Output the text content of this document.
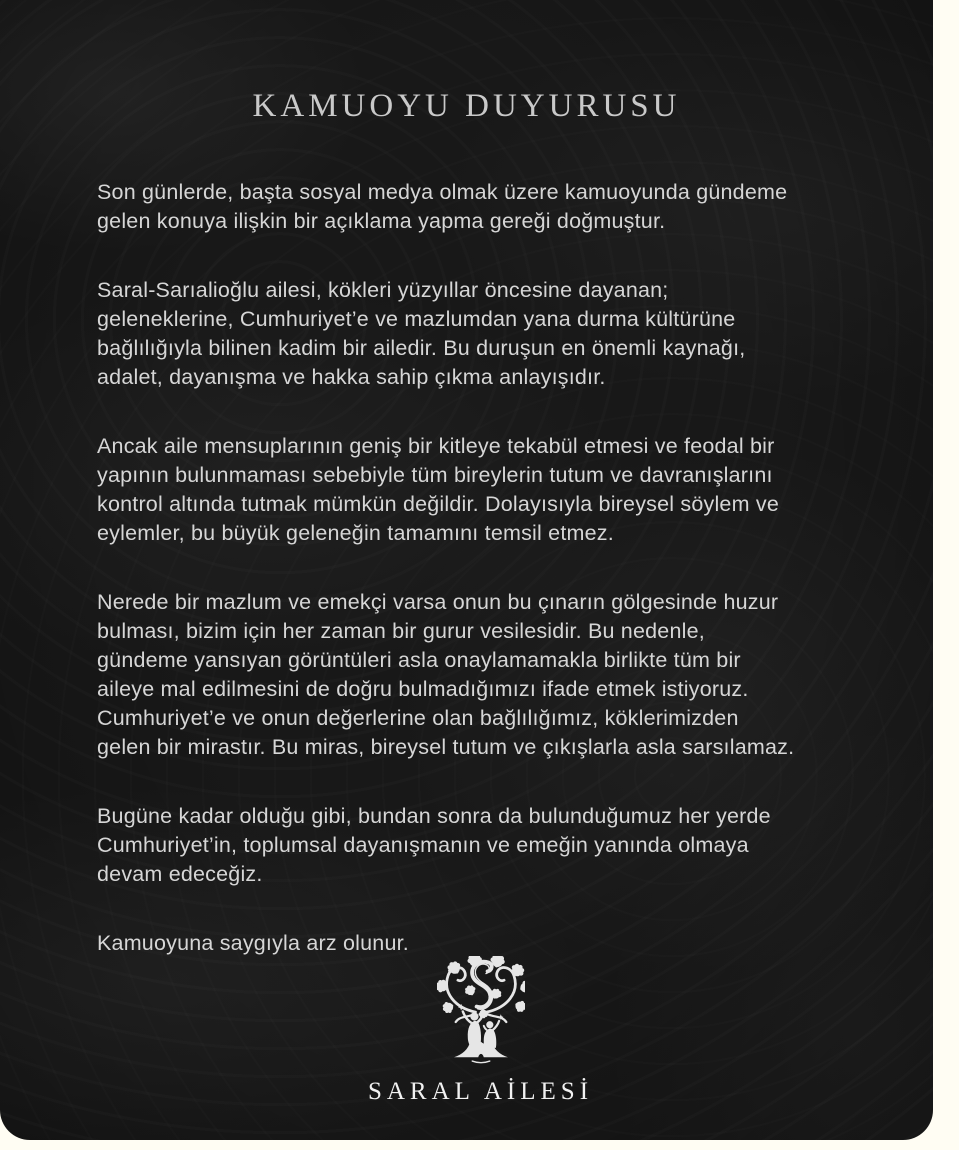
KAMUOYU DUYURUSU

Son günlerde, başta sosyal medya olmak üzere kamuoyunda gündeme
gelen konuya ilişkin bir açıklama yapma gereği doğmuştur.

Saral-Sarıalioğlu ailesi, kökleri yüzyıllar öncesine dayanan;
geleneklerine, Cumhuriyet’e ve mazlumdan yana durma kültürüne
bağlılığıyla bilinen kadim bir ailedir. Bu duruşun en önemli kaynağı,
adalet, dayanışma ve hakka sahip çıkma anlayışıdır.

Ancak aile mensuplarının geniş bir kitleye tekabül etmesi ve feodal bir
yapının bulunmaması sebebiyle tüm bireylerin tutum ve davranışlarını
kontrol altında tutmak mümkün değildir. Dolayısıyla bireysel söylem ve
eylemler, bu büyük geleneğin tamamını temsil etmez.

Nerede bir mazlum ve emekçi varsa onun bu çınarın gölgesinde huzur
bulması, bizim için her zaman bir gurur vesilesidir. Bu nedenle,
gündeme yansıyan görüntüleri asla onaylamamakla birlikte tüm bir
aileye mal edilmesini de doğru bulmadığımızı ifade etmek istiyoruz.
Cumhuriyet’e ve onun değerlerine olan bağlılığımız, köklerimizden
gelen bir mirastır. Bu miras, bireysel tutum ve çıkışlarla asla sarsılamaz.

Bugüne kadar olduğu gibi, bundan sonra da bulunduğumuz her yerde
Cumhuriyet’in, toplumsal dayanışmanın ve emeğin yanında olmaya
devam edeceğiz.

Kamuoyuna saygıyla arz olunur.

SARAL AİLESİ
